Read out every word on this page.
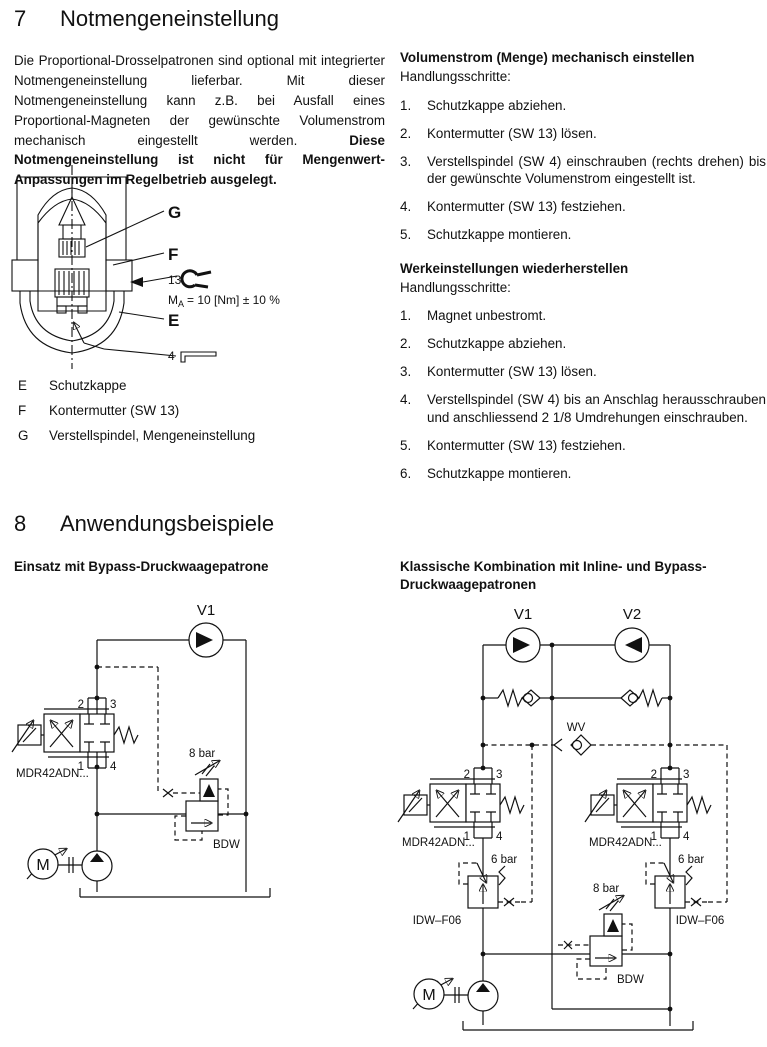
7 Notmengeneinstellung

Die Proportional-Drosselpatronen sind optional mit integrierter Notmengeneinstellung lieferbar. Mit dieser Notmengeneinstellung kann z.B. bei Ausfall eines Proportional-Magneten der gewünschte Volumenstrom mechanisch eingestellt werden. Diese Notmengeneinstellung ist nicht für Mengenwert-Anpassungen im Regelbetrieb ausgelegt.

G
F
13
$M_A = 10$ [Nm] ± 10 %
E
4
E	Schutzkappe
F	Kontermutter (SW 13)
G	Verstellspindel, Mengeneinstellung
Volumenstrom (Menge) mechanisch einstellen
Handlungsschritte:
1.	Schutzkappe abziehen.
2.	Kontermutter (SW 13) lösen.
3.	Verstellspindel (SW 4) einschrauben (rechts drehen) bis der gewünschte Volumenstrom eingestellt ist.
4.	Kontermutter (SW 13) festziehen.
5.	Schutzkappe montieren.
Werkeinstellungen wiederherstellen
Handlungsschritte:
1.	Magnet unbestromt.
2.	Schutzkappe abziehen.
3.	Kontermutter (SW 13) lösen.
4.	Verstellspindel (SW 4) bis an Anschlag herausschrauben und anschliessend 2 1/8 Umdrehungen einschrauben.
5.	Kontermutter (SW 13) festziehen.
6.	Schutzkappe montieren.
8 Anwendungsbeispiele
Einsatz mit Bypass-Druckwaagepatrone	Klassische Kombination mit Inline- und Bypass-Druckwaagepatronen
3
4
6 bar
8 bar
BDW
V1
MDR42ADN...
V1	V2
WV
MDR42ADN...	MDR42ADN...
IDW–F06	IDW–F06
